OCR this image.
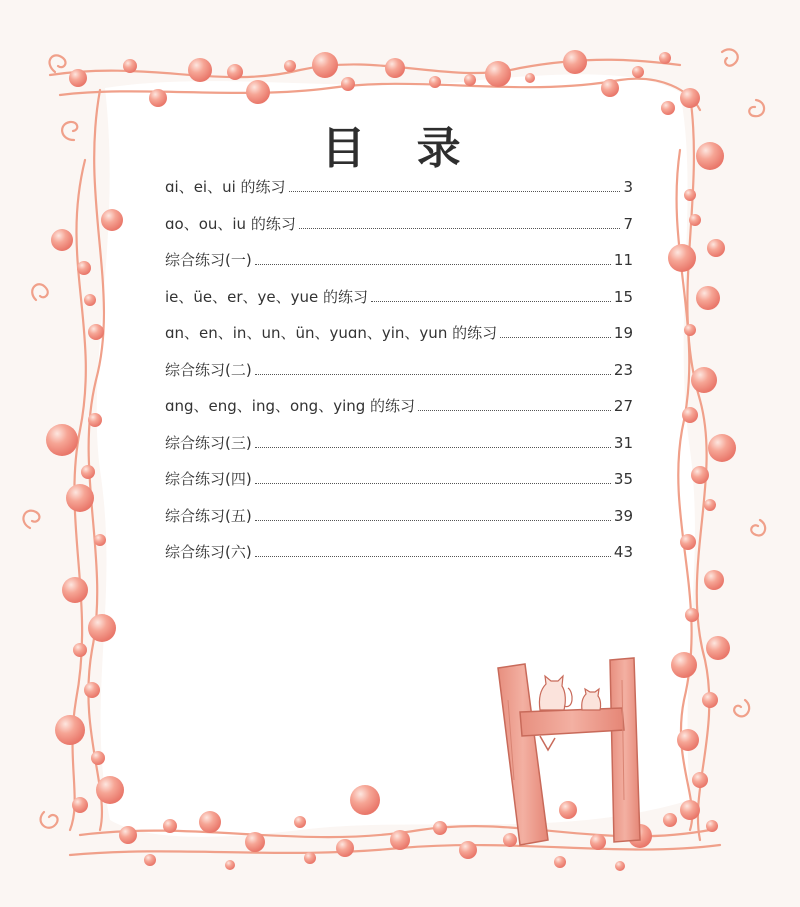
目 录
ɑi、ei、ui 的练习	3
ɑo、ou、iu 的练习	7
综合练习(一)	11
ie、üe、er、ye、yue 的练习	15
ɑn、en、in、un、ün、yuɑn、yin、yun 的练习	19
综合练习(二)	23
ɑng、eng、ing、ong、ying 的练习	27
综合练习(三)	31
综合练习(四)	35
综合练习(五)	39
综合练习(六)	43
